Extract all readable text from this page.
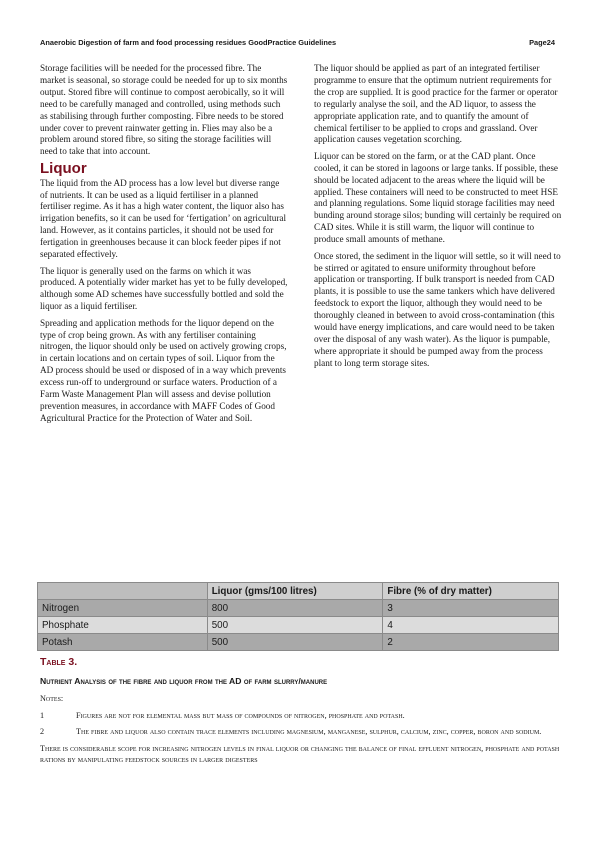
Anaerobic Digestion of farm and food processing residues GoodPractice Guidelines	Page24

Storage facilities will be needed for the processed fibre. The market is seasonal, so storage could be needed for up to six months output. Stored fibre will continue to compost aerobically, so it will need to be carefully managed and controlled, using methods such as stabilising through further composting. Fibre needs to be stored under cover to prevent rainwater getting in. Flies may also be a problem around stored fibre, so siting the storage facilities will need to take that into account.

Liquor

The liquid from the AD process has a low level but diverse range of nutrients. It can be used as a liquid fertiliser in a planned fertiliser regime. As it has a high water content, the liquor also has irrigation benefits, so it can be used for ‘fertigation’ on agricultural land. However, as it contains particles, it should not be used for fertigation in greenhouses because it can block feeder pipes if not separated effectively.

The liquor is generally used on the farms on which it was produced. A potentially wider market has yet to be fully developed, although some AD schemes have successfully bottled and sold the liquor as a liquid fertiliser.

Spreading and application methods for the liquor depend on the type of crop being grown. As with any fertiliser containing nitrogen, the liquor should only be used on actively growing crops, in certain locations and on certain types of soil. Liquor from the AD process should be used or disposed of in a way which prevents excess run-off to underground or surface waters. Production of a Farm Waste Management Plan will assess and devise pollution prevention measures, in accordance with MAFF Codes of Good Agricultural Practice for the Protection of Water and Soil.

The liquor should be applied as part of an integrated fertiliser programme to ensure that the optimum nutrient requirements for the crop are supplied. It is good practice for the farmer or operator to regularly analyse the soil, and the AD liquor, to assess the appropriate application rate, and to quantify the amount of chemical fertiliser to be applied to crops and grassland. Over application causes vegetation scorching.

Liquor can be stored on the farm, or at the CAD plant. Once cooled, it can be stored in lagoons or large tanks. If possible, these should be located adjacent to the areas where the liquid will be applied. These containers will need to be constructed to meet HSE and planning regulations. Some liquid storage facilities may need bunding around storage silos; bunding will certainly be required on CAD sites. While it is still warm, the liquor will continue to produce small amounts of methane.

Once stored, the sediment in the liquor will settle, so it will need to be stirred or agitated to ensure uniformity throughout before application or transporting. If bulk transport is needed from CAD plants, it is possible to use the same tankers which have delivered feedstock to export the liquor, although they would need to be thoroughly cleaned in between to avoid cross-contamination (this would have energy implications, and care would need to be taken over the disposal of any wash water). As the liquor is pumpable, where appropriate it should be pumped away from the process plant to long term storage sites.

	Liquor (gms/100 litres)	Fibre (% of dry matter)
Nitrogen	800	3
Phosphate	500	4
Potash	500	2
Table 3.
Nutrient Analysis of the fibre and liquor from the AD of farm slurry/manure
Notes:
1	Figures are not for elemental mass but mass of compounds of nitrogen, phosphate and potash.
2	The fibre and liquor also contain trace elements including magnesium, manganese, sulphur, calcium, zinc, copper, boron and sodium.
There is considerable scope for increasing nitrogen levels in final liquor or changing the balance of final effluent nitrogen, phosphate and potash rations by manipulating feedstock sources in larger digesters
